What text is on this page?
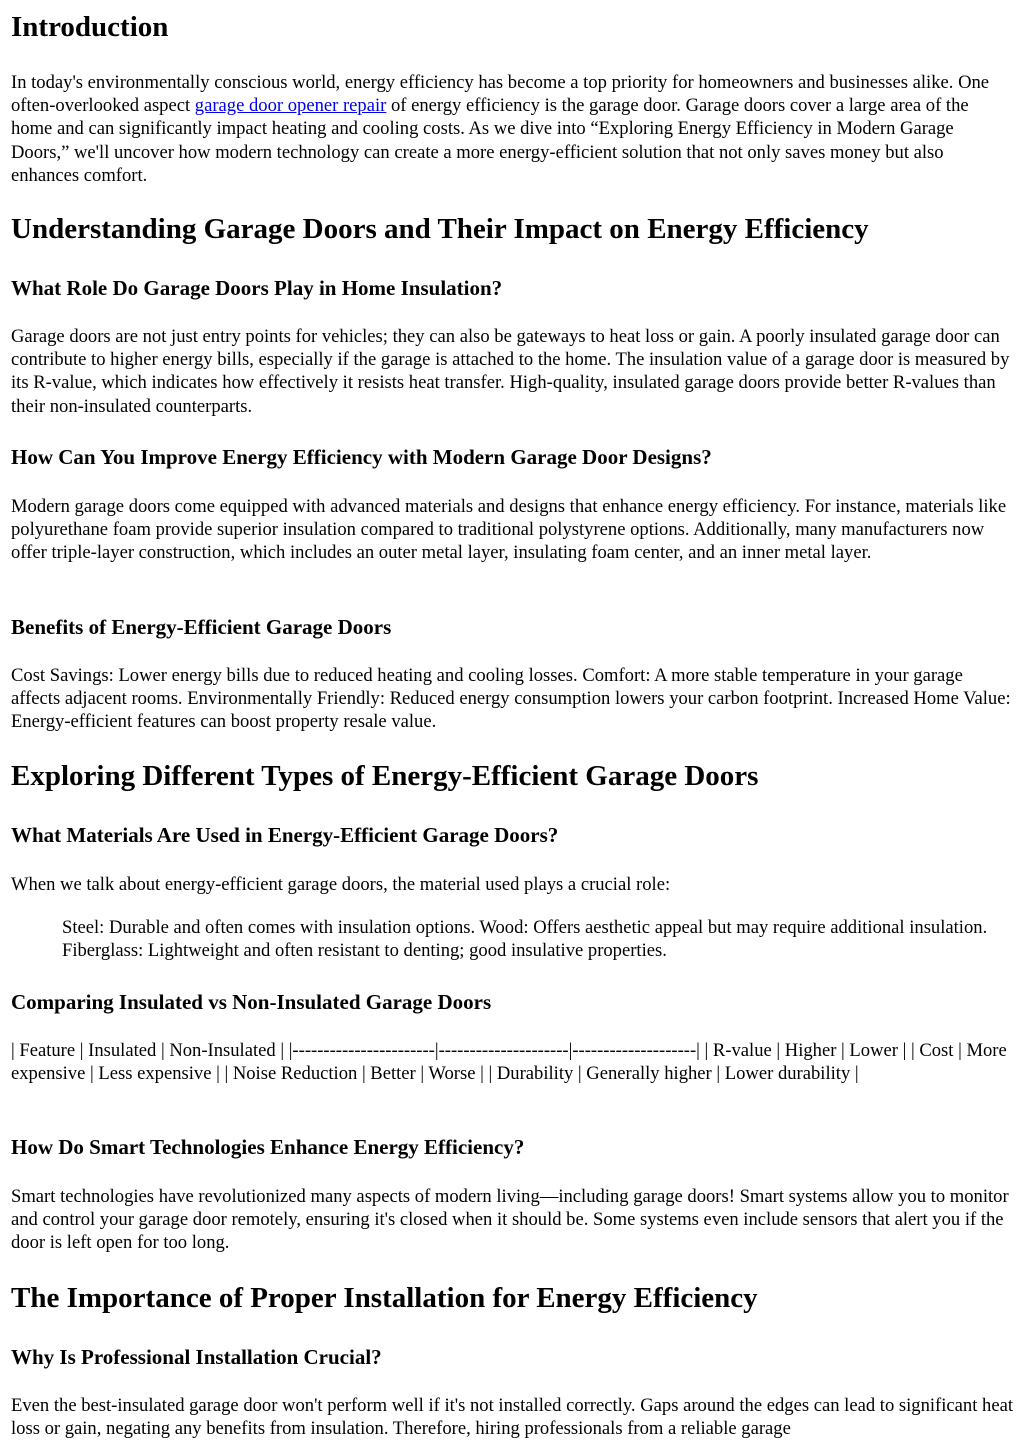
Introduction

In today's environmentally conscious world, energy efficiency has become a top priority for homeowners and businesses alike. One often-overlooked aspect garage door opener repair of energy efficiency is the garage door. Garage doors cover a large area of the home and can significantly impact heating and cooling costs. As we dive into “Exploring Energy Efficiency in Modern Garage Doors,” we'll uncover how modern technology can create a more energy-efficient solution that not only saves money but also enhances comfort.

Understanding Garage Doors and Their Impact on Energy Efficiency
What Role Do Garage Doors Play in Home Insulation?

Garage doors are not just entry points for vehicles; they can also be gateways to heat loss or gain. A poorly insulated garage door can contribute to higher energy bills, especially if the garage is attached to the home. The insulation value of a garage door is measured by its R-value, which indicates how effectively it resists heat transfer. High-quality, insulated garage doors provide better R-values than their non-insulated counterparts.

How Can You Improve Energy Efficiency with Modern Garage Door Designs?

Modern garage doors come equipped with advanced materials and designs that enhance energy efficiency. For instance, materials like polyurethane foam provide superior insulation compared to traditional polystyrene options. Additionally, many manufacturers now offer triple-layer construction, which includes an outer metal layer, insulating foam center, and an inner metal layer.

Benefits of Energy-Efficient Garage Doors

Cost Savings: Lower energy bills due to reduced heating and cooling losses. Comfort: A more stable temperature in your garage affects adjacent rooms. Environmentally Friendly: Reduced energy consumption lowers your carbon footprint. Increased Home Value: Energy-efficient features can boost property resale value.

Exploring Different Types of Energy-Efficient Garage Doors
What Materials Are Used in Energy-Efficient Garage Doors?

When we talk about energy-efficient garage doors, the material used plays a crucial role:

Steel: Durable and often comes with insulation options. Wood: Offers aesthetic appeal but may require additional insulation. Fiberglass: Lightweight and often resistant to denting; good insulative properties.

Comparing Insulated vs Non-Insulated Garage Doors

| Feature | Insulated | Non-Insulated | |-----------------------|---------------------|--------------------| | R-value | Higher | Lower | | Cost | More expensive | Less expensive | | Noise Reduction | Better | Worse | | Durability | Generally higher | Lower durability |

How Do Smart Technologies Enhance Energy Efficiency?

Smart technologies have revolutionized many aspects of modern living—including garage doors! Smart systems allow you to monitor and control your garage door remotely, ensuring it's closed when it should be. Some systems even include sensors that alert you if the door is left open for too long.

The Importance of Proper Installation for Energy Efficiency
Why Is Professional Installation Crucial?

Even the best-insulated garage door won't perform well if it's not installed correctly. Gaps around the edges can lead to significant heat loss or gain, negating any benefits from insulation. Therefore, hiring professionals from a reliable garage
